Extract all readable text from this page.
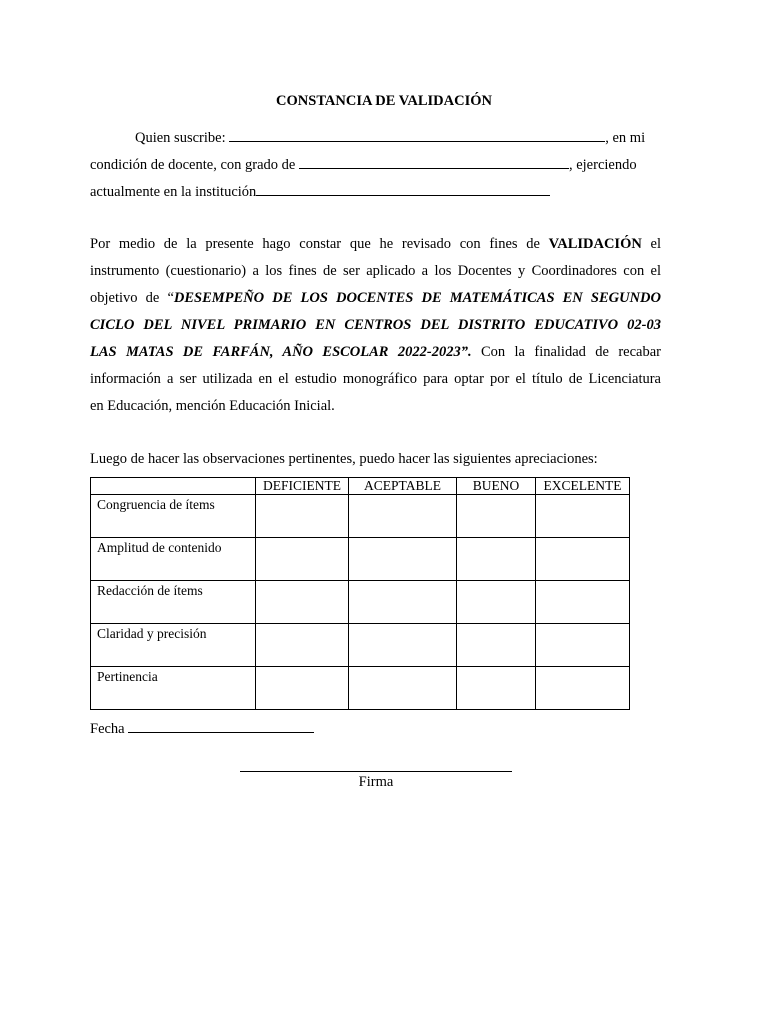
CONSTANCIA DE VALIDACIÓN
Quien suscribe:	, en mi
condición de docente, con grado de	, ejerciendo
actualmente en la institución
Por medio de la presente hago constar que he revisado con fines de VALIDACIÓN el
instrumento (cuestionario) a los fines de ser aplicado a los Docentes y Coordinadores con el
objetivo de “DESEMPEÑO DE LOS DOCENTES DE MATEMÁTICAS EN SEGUNDO
CICLO DEL NIVEL PRIMARIO EN CENTROS DEL DISTRITO EDUCATIVO 02-03
LAS MATAS DE FARFÁN, AÑO ESCOLAR 2022-2023”. Con la finalidad de recabar
información a ser utilizada en el estudio monográfico para optar por el título de Licenciatura
en Educación, mención Educación Inicial.
Luego de hacer las observaciones pertinentes, puedo hacer las siguientes apreciaciones:
	DEFICIENTE	ACEPTABLE	BUENO	EXCELENTE
Congruencia de ítems				
Amplitud de contenido				
Redacción de ítems				
Claridad y precisión				
Pertinencia				
Fecha
Firma
